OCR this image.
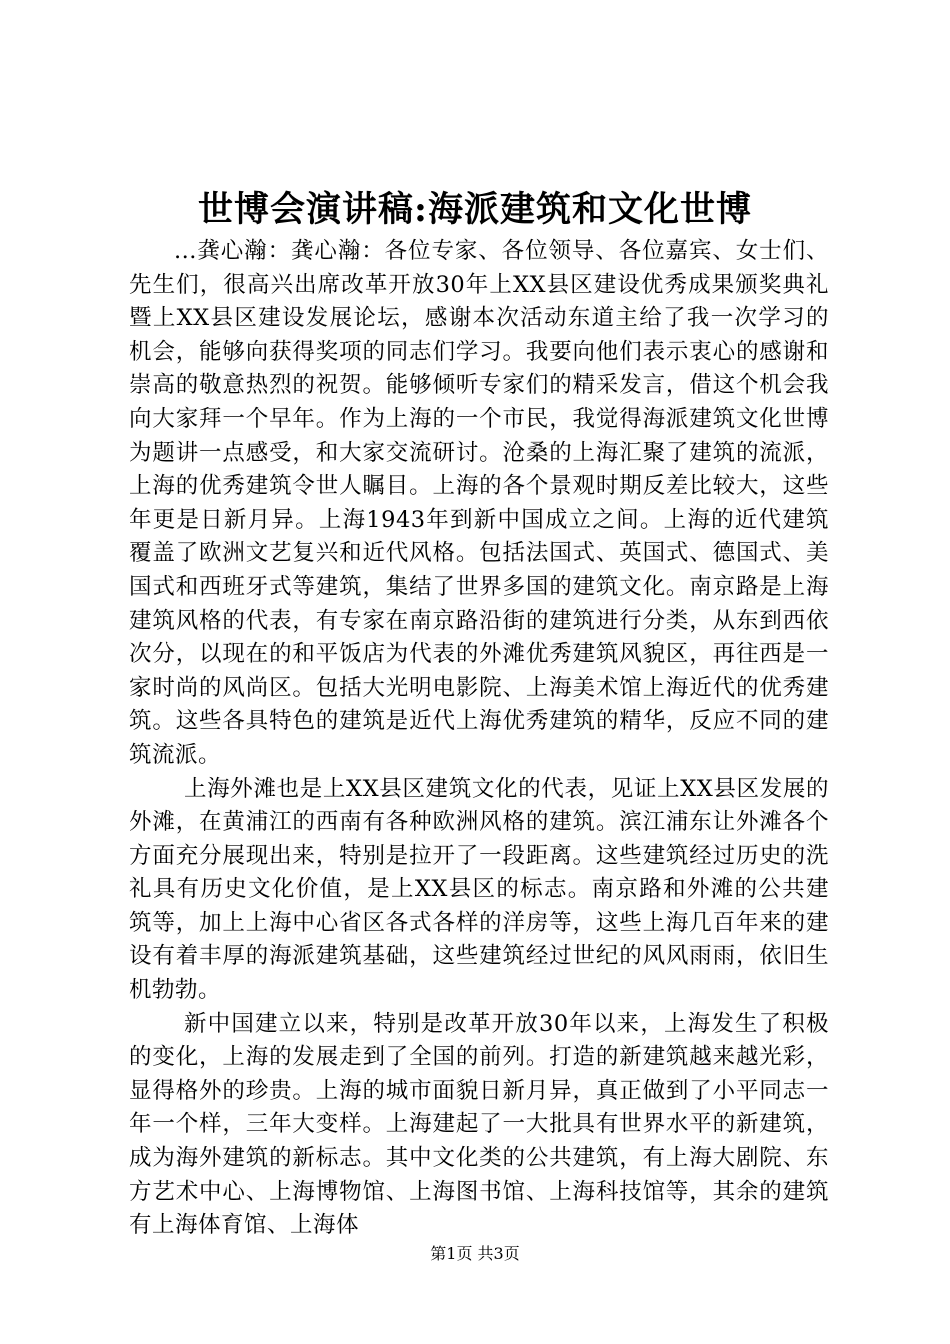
世博会演讲稿:海派建筑和文化世博

...龚心瀚：龚心瀚：各位专家、各位领导、各位嘉宾、女士们、先生们，很高兴出席改革开放30年上XX县区建设优秀成果颁奖典礼暨上XX县区建设发展论坛，感谢本次活动东道主给了我一次学习的机会，能够向获得奖项的同志们学习。我要向他们表示衷心的感谢和崇高的敬意热烈的祝贺。能够倾听专家们的精采发言，借这个机会我向大家拜一个早年。作为上海的一个市民，我觉得海派建筑文化世博为题讲一点感受，和大家交流研讨。沧桑的上海汇聚了建筑的流派，上海的优秀建筑令世人瞩目。上海的各个景观时期反差比较大，这些年更是日新月异。上海1943年到新中国成立之间。上海的近代建筑覆盖了欧洲文艺复兴和近代风格。包括法国式、英国式、德国式、美国式和西班牙式等建筑，集结了世界多国的建筑文化。南京路是上海建筑风格的代表，有专家在南京路沿街的建筑进行分类，从东到西依次分，以现在的和平饭店为代表的外滩优秀建筑风貌区，再往西是一家时尚的风尚区。包括大光明电影院、上海美术馆上海近代的优秀建筑。这些各具特色的建筑是近代上海优秀建筑的精华，反应不同的建筑流派。

上海外滩也是上XX县区建筑文化的代表，见证上XX县区发展的外滩，在黄浦江的西南有各种欧洲风格的建筑。滨江浦东让外滩各个方面充分展现出来，特别是拉开了一段距离。这些建筑经过历史的洗礼具有历史文化价值，是上XX县区的标志。南京路和外滩的公共建筑等，加上上海中心省区各式各样的洋房等，这些上海几百年来的建设有着丰厚的海派建筑基础，这些建筑经过世纪的风风雨雨，依旧生机勃勃。

新中国建立以来，特别是改革开放30年以来，上海发生了积极的变化，上海的发展走到了全国的前列。打造的新建筑越来越光彩，显得格外的珍贵。上海的城市面貌日新月异，真正做到了小平同志一年一个样，三年大变样。上海建起了一大批具有世界水平的新建筑，成为海外建筑的新标志。其中文化类的公共建筑，有上海大剧院、东方艺术中心、上海博物馆、上海图书馆、上海科技馆等，其余的建筑有上海体育馆、上海体

第1页 共3页
